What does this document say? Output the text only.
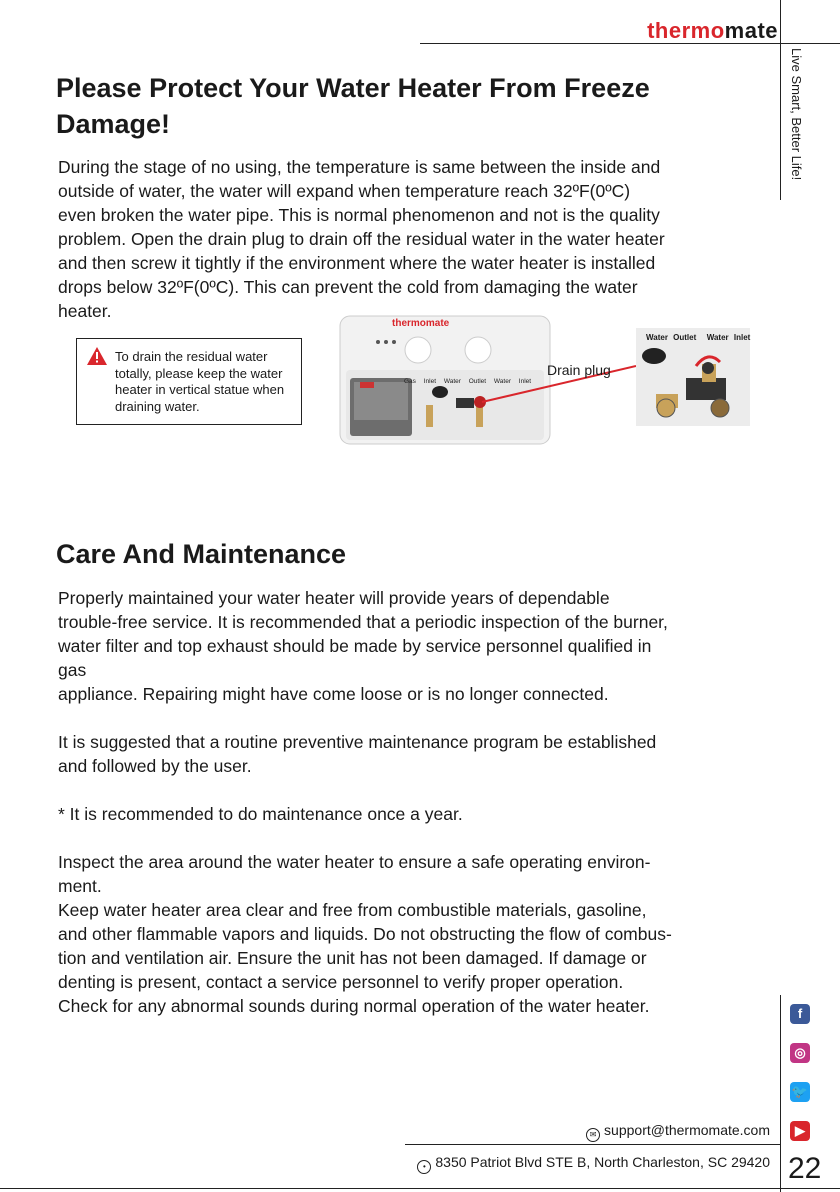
thermomate
Live Smart, Better Life!
Please Protect Your Water Heater From Freeze
Damage!
During the stage of no using, the temperature is same between the inside and
outside of water, the water will expand when temperature reach 32ºF(0ºC)
even broken the water pipe. This is normal phenomenon and not is the quality
problem. Open the drain plug to drain off the residual water in the water heater
and then screw it tightly if the environment where the water heater is installed
drops below 32ºF(0ºC). This can prevent the cold from damaging the water
heater.
To drain the residual water
totally, please keep the water
heater in vertical statue when
draining water.
thermomate
Gas Inlet Water Outlet Water Inlet
Drain plug
Water Outlet Water Inlet
Care And Maintenance
Properly maintained your water heater will provide years of dependable
trouble-free service. It is recommended that a periodic inspection of the burner,
water filter and top exhaust should be made by service personnel qualified in
gas
appliance. Repairing might have come loose or is no longer connected.
It is suggested that a routine preventive maintenance program be established
and followed by the user.
* It is recommended to do maintenance once a year.
Inspect the area around the water heater to ensure a safe operating environ-
ment.
Keep water heater area clear and free from combustible materials, gasoline,
and other flammable vapors and liquids. Do not obstructing the flow of combus-
tion and ventilation air. Ensure the unit has not been damaged. If damage or
denting is present, contact a service personnel to verify proper operation.
Check for any abnormal sounds during normal operation of the water heater.	f
◎
🐦
▶
✉ support@thermomate.com
• 8350 Patriot Blvd STE B, North Charleston, SC 29420 22
